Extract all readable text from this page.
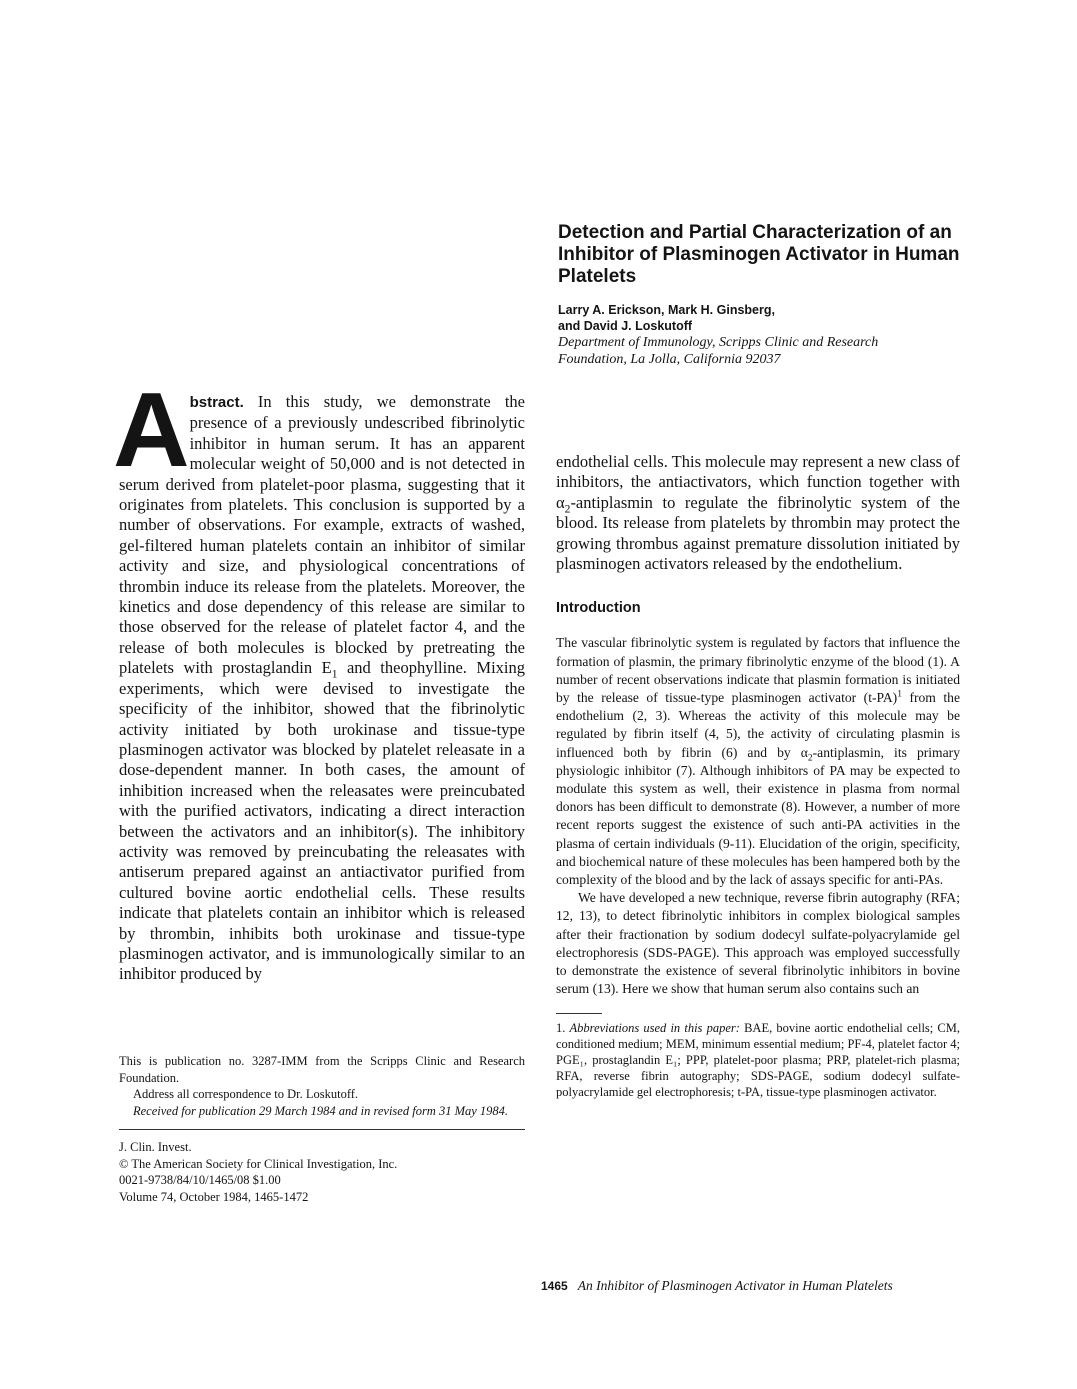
Detection and Partial Characterization of an Inhibitor of Plasminogen Activator in Human Platelets
Larry A. Erickson, Mark H. Ginsberg,
and David J. Loskutoff
Department of Immunology, Scripps Clinic and Research
Foundation, La Jolla, California 92037

Abstract. In this study, we demonstrate the presence of a previously undescribed fibrinolytic inhibitor in human serum. It has an apparent molecular weight of 50,000 and is not detected in serum derived from platelet-poor plasma, suggesting that it originates from platelets. This conclusion is supported by a number of observations. For example, extracts of washed, gel-filtered human platelets contain an inhibitor of similar activity and size, and physiological concentrations of thrombin induce its release from the platelets. Moreover, the kinetics and dose dependency of this release are similar to those observed for the release of platelet factor 4, and the release of both molecules is blocked by pretreating the platelets with prostaglandin $E_1$ and theophylline. Mixing experiments, which were devised to investigate the specificity of the inhibitor, showed that the fibrinolytic activity initiated by both urokinase and tissue-type plasminogen activator was blocked by platelet releasate in a dose-dependent manner. In both cases, the amount of inhibition increased when the releasates were preincubated with the purified activators, indicating a direct interaction between the activators and an inhibitor(s). The inhibitory activity was removed by preincubating the releasates with antiserum prepared against an antiactivator purified from cultured bovine aortic endothelial cells. These results indicate that platelets contain an inhibitor which is released by thrombin, inhibits both urokinase and tissue-type plasminogen activator, and is immunologically similar to an inhibitor produced by

This is publication no. 3287-IMM from the Scripps Clinic and Research Foundation.

Address all correspondence to Dr. Loskutoff.

Received for publication 29 March 1984 and in revised form 31 May 1984.

J. Clin. Invest.

© The American Society for Clinical Investigation, Inc.

0021-9738/84/10/1465/08 $1.00

Volume 74, October 1984, 1465-1472

endothelial cells. This molecule may represent a new class of inhibitors, the antiactivators, which function together with $\alpha_2$-antiplasmin to regulate the fibrinolytic system of the blood. Its release from platelets by thrombin may protect the growing thrombus against premature dissolution initiated by plasminogen activators released by the endothelium.

Introduction

The vascular fibrinolytic system is regulated by factors that influence the formation of plasmin, the primary fibrinolytic enzyme of the blood (1). A number of recent observations indicate that plasmin formation is initiated by the release of tissue-type plasminogen activator $(t-PA)^1$ from the endothelium (2, 3). Whereas the activity of this molecule may be regulated by fibrin itself (4, 5), the activity of circulating plasmin is influenced both by fibrin (6) and by $\alpha_2$-antiplasmin, its primary physiologic inhibitor (7). Although inhibitors of PA may be expected to modulate this system as well, their existence in plasma from normal donors has been difficult to demonstrate (8). However, a number of more recent reports suggest the existence of such anti-PA activities in the plasma of certain individuals (9-11). Elucidation of the origin, specificity, and biochemical nature of these molecules has been hampered both by the complexity of the blood and by the lack of assays specific for anti-PAs.

We have developed a new technique, reverse fibrin autography (RFA; 12, 13), to detect fibrinolytic inhibitors in complex biological samples after their fractionation by sodium dodecyl sulfate-polyacrylamide gel electrophoresis (SDS-PAGE). This approach was employed successfully to demonstrate the existence of several fibrinolytic inhibitors in bovine serum (13). Here we show that human serum also contains such an

1. Abbreviations used in this paper: BAE, bovine aortic endothelial cells; CM, conditioned medium; MEM, minimum essential medium; PF-4, platelet factor 4; PGE₁, prostaglandin E₁; PPP, platelet-poor plasma; PRP, platelet-rich plasma; RFA, reverse fibrin autography; SDS-PAGE, sodium dodecyl sulfate-polyacrylamide gel electrophoresis; t-PA, tissue-type plasminogen activator.

1465 An Inhibitor of Plasminogen Activator in Human Platelets
